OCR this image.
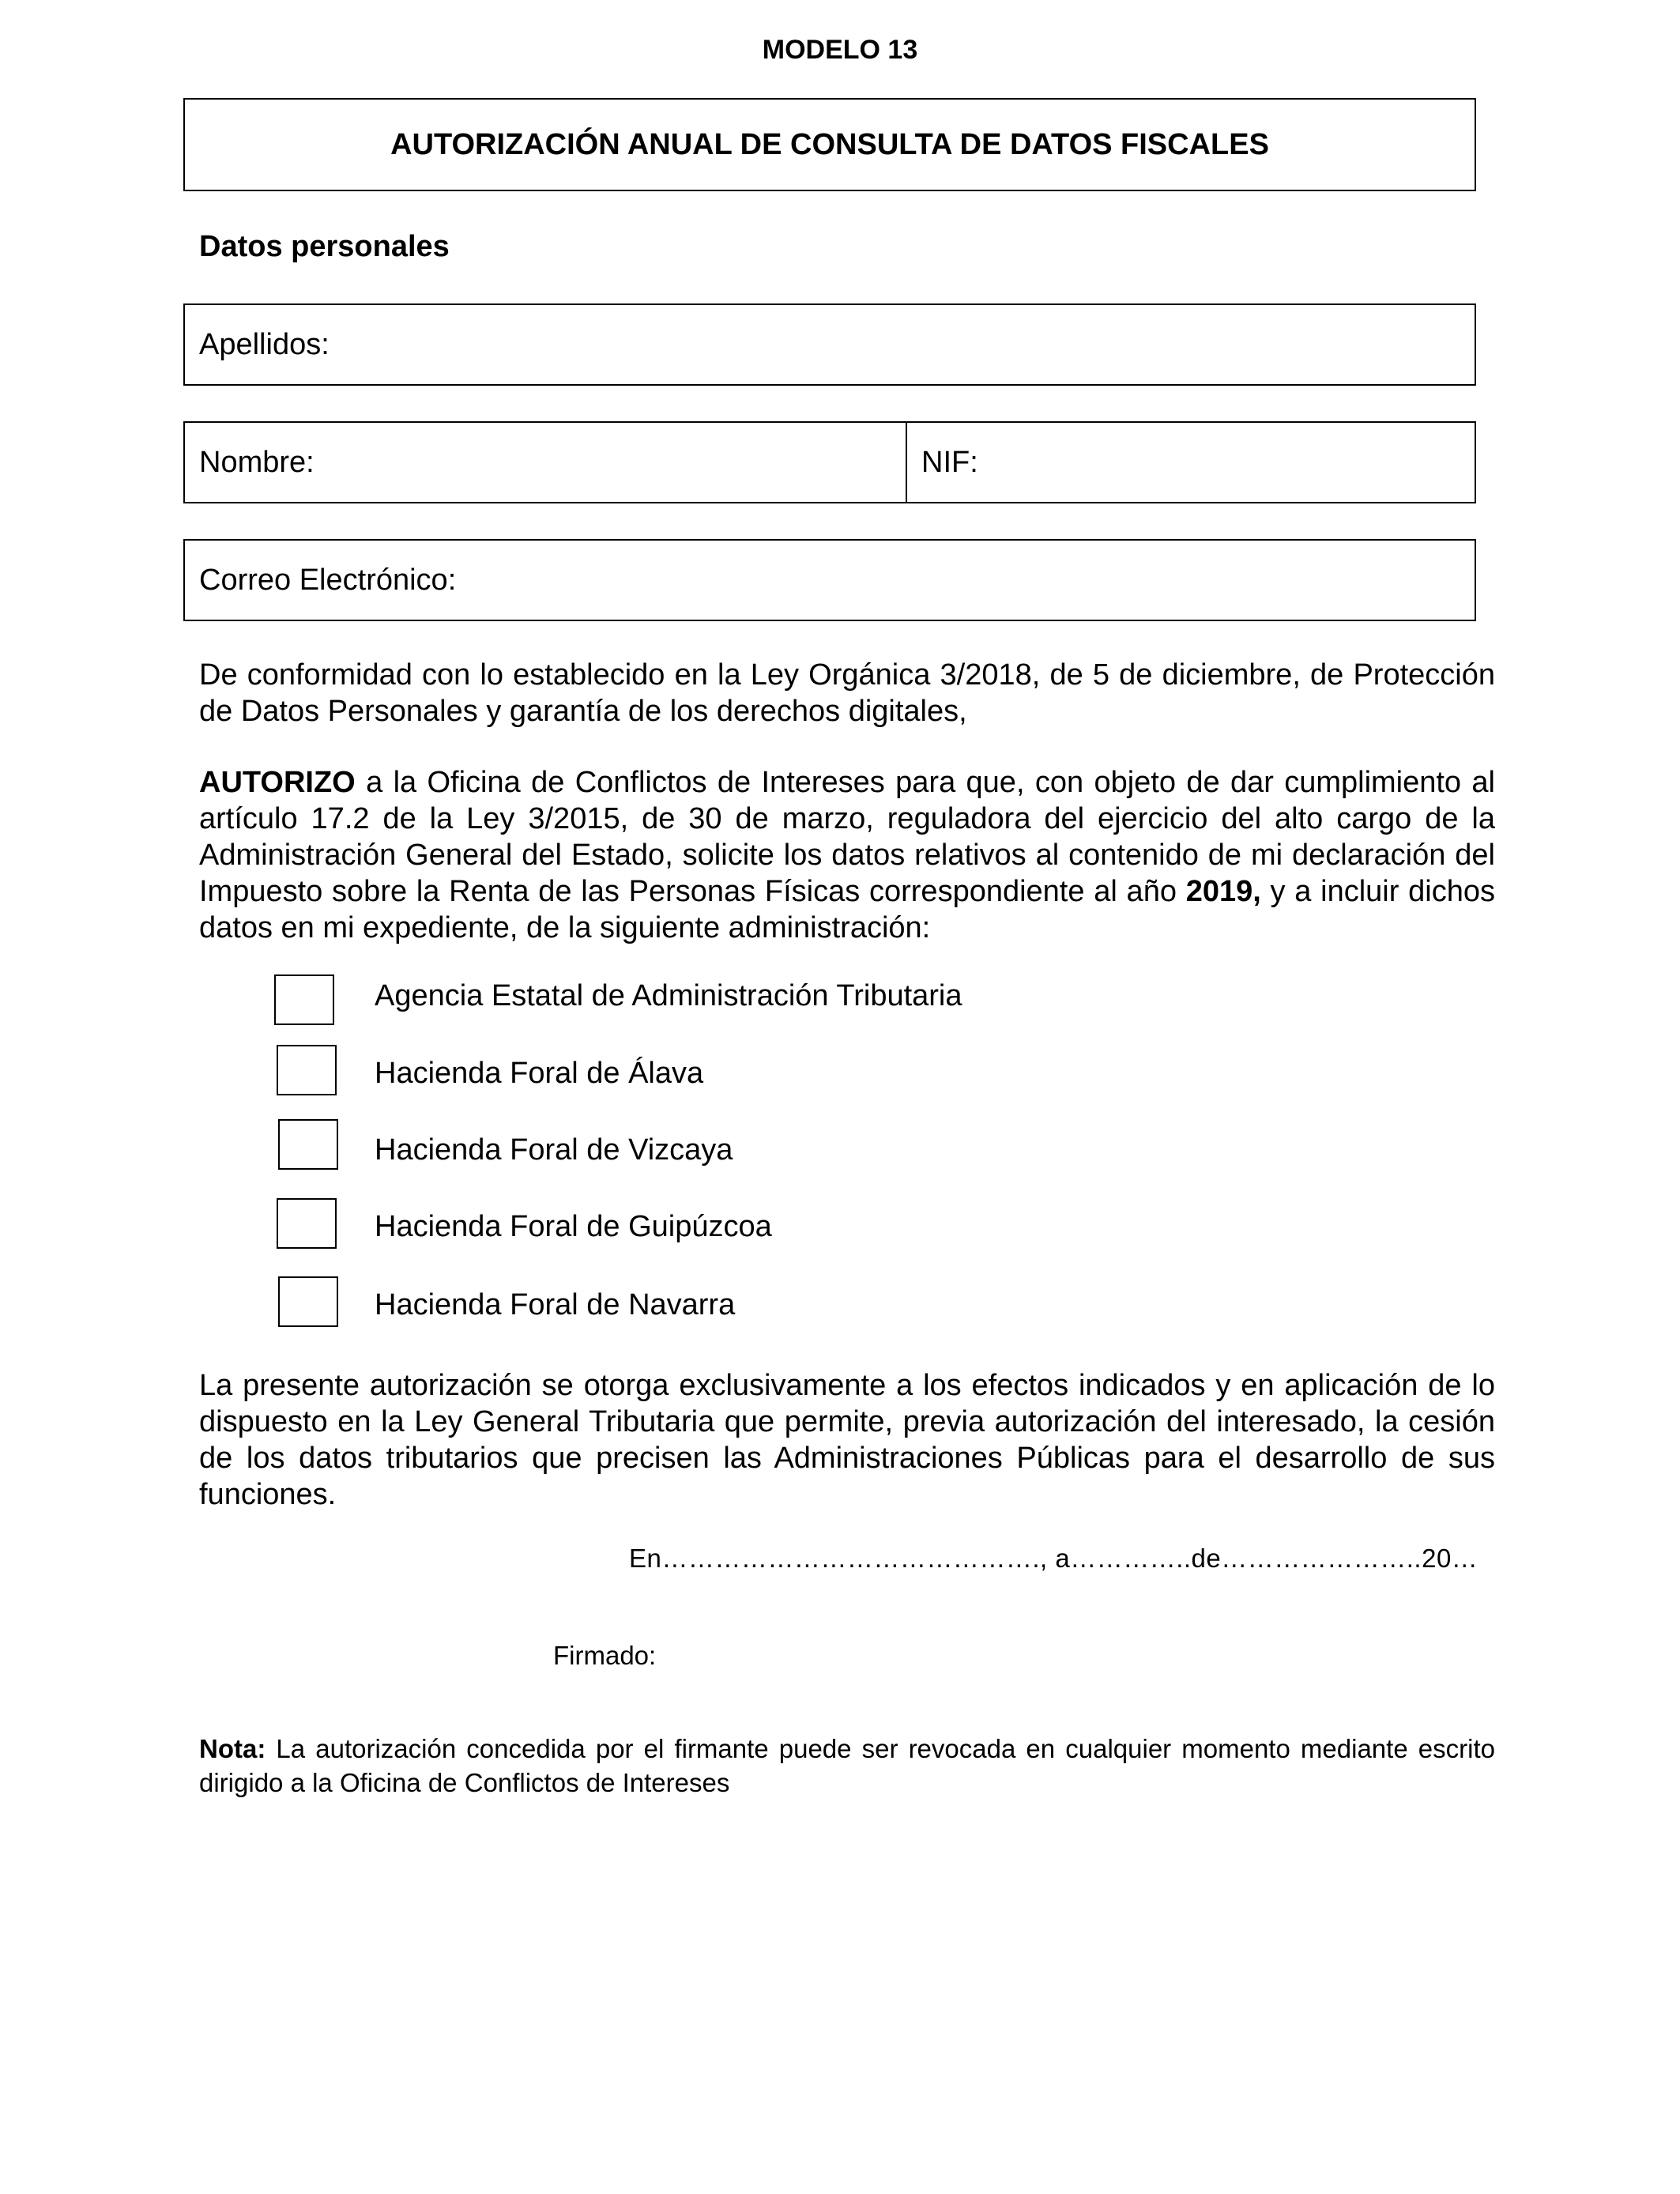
MODELO 13
AUTORIZACIÓN ANUAL DE CONSULTA DE DATOS FISCALES
Datos personales
Apellidos:
Nombre:	NIF:
Correo Electrónico:
De conformidad con lo establecido en la Ley Orgánica 3/2018, de 5 de diciembre, de Protección de Datos Personales y garantía de los derechos digitales,
AUTORIZO a la Oficina de Conflictos de Intereses para que, con objeto de dar cumplimiento al artículo 17.2 de la Ley 3/2015, de 30 de marzo, reguladora del ejercicio del alto cargo de la Administración General del Estado, solicite los datos relativos al contenido de mi declaración del Impuesto sobre la Renta de las Personas Físicas correspondiente al año 2019, y a incluir dichos datos en mi expediente, de la siguiente administración:
Agencia Estatal de Administración Tributaria
Hacienda Foral de Álava
Hacienda Foral de Vizcaya
Hacienda Foral de Guipúzcoa
Hacienda Foral de Navarra
La presente autorización se otorga exclusivamente a los efectos indicados y en aplicación de lo dispuesto en la Ley General Tributaria que permite, previa autorización del interesado, la cesión de los datos tributarios que precisen las Administraciones Públicas para el desarrollo de sus funciones.
En……………………………………., a…………..de…………………..20…
Firmado:
Nota: La autorización concedida por el firmante puede ser revocada en cualquier momento mediante escrito dirigido a la Oficina de Conflictos de Intereses
